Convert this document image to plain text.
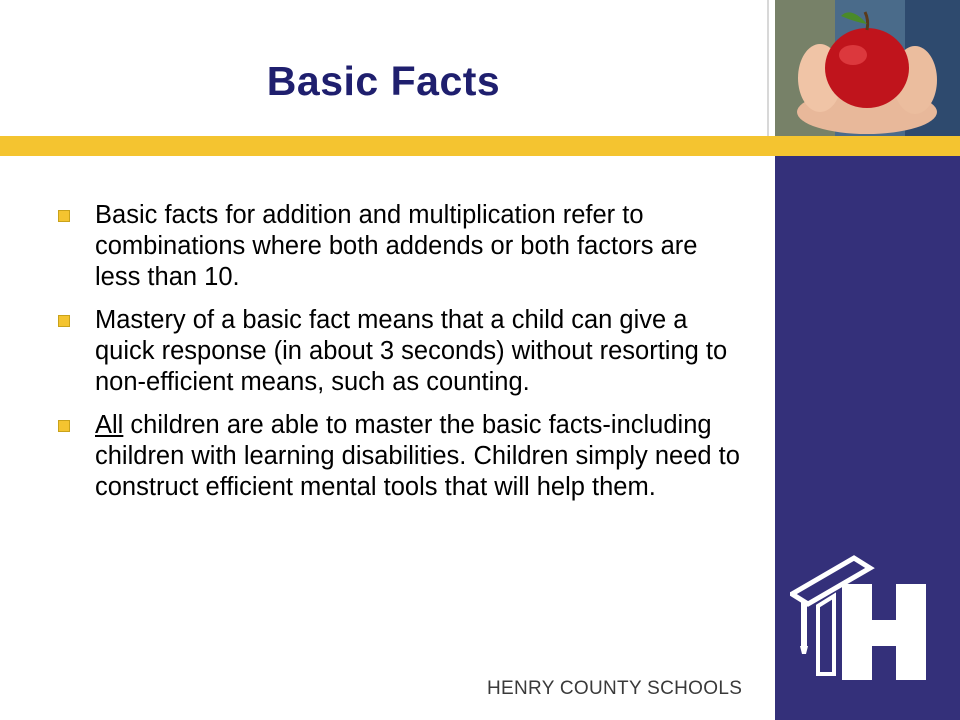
Basic Facts
Basic facts for addition and multiplication refer to combinations where both addends or both factors are less than 10.
Mastery of a basic fact means that a child can give a quick response (in about 3 seconds) without resorting to non-efficient means, such as counting.
All children are able to master the basic facts-including children with learning disabilities. Children simply need to construct efficient mental tools that will help them.
HENRY COUNTY SCHOOLS
